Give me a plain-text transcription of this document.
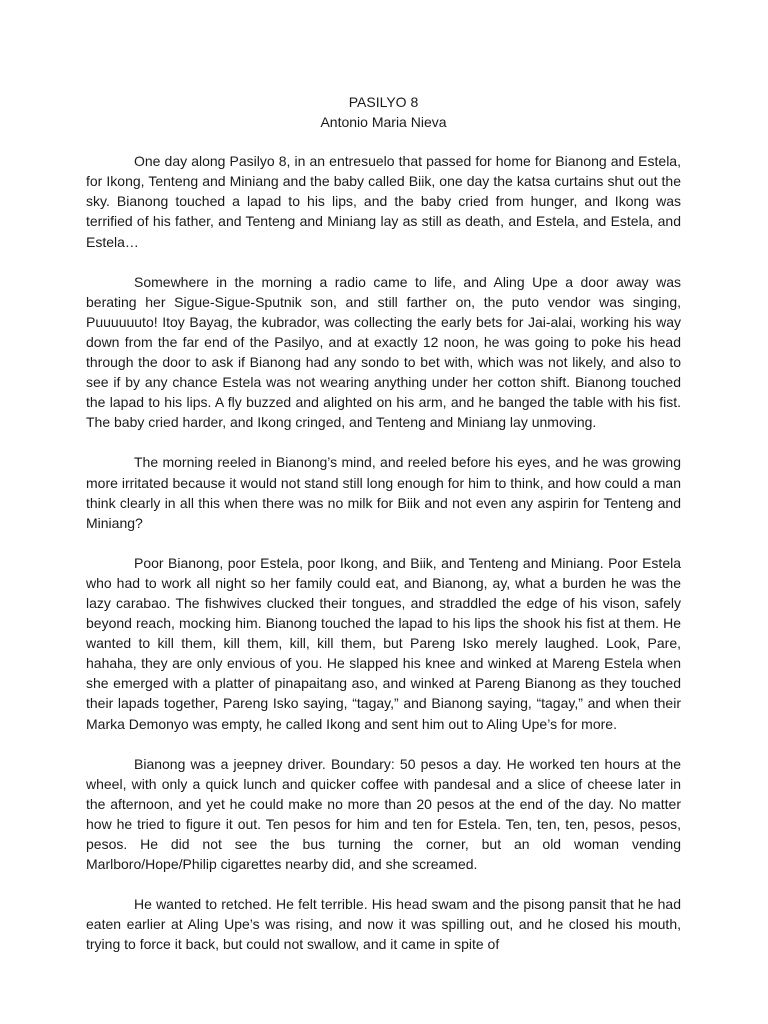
PASILYO 8

Antonio Maria Nieva

One day along Pasilyo 8, in an entresuelo that passed for home for Bianong and Estela, for Ikong, Tenteng and Miniang and the baby called Biik, one day the katsa curtains shut out the sky. Bianong touched a lapad to his lips, and the baby cried from hunger, and Ikong was terrified of his father, and Tenteng and Miniang lay as still as death, and Estela, and Estela, and Estela…

Somewhere in the morning a radio came to life, and Aling Upe a door away was berating her Sigue-Sigue-Sputnik son, and still farther on, the puto vendor was singing, Puuuuuuto! Itoy Bayag, the kubrador, was collecting the early bets for Jai-alai, working his way down from the far end of the Pasilyo, and at exactly 12 noon, he was going to poke his head through the door to ask if Bianong had any sondo to bet with, which was not likely, and also to see if by any chance Estela was not wearing anything under her cotton shift. Bianong touched the lapad to his lips. A fly buzzed and alighted on his arm, and he banged the table with his fist. The baby cried harder, and Ikong cringed, and Tenteng and Miniang lay unmoving.

The morning reeled in Bianong’s mind, and reeled before his eyes, and he was growing more irritated because it would not stand still long enough for him to think, and how could a man think clearly in all this when there was no milk for Biik and not even any aspirin for Tenteng and Miniang?

Poor Bianong, poor Estela, poor Ikong, and Biik, and Tenteng and Miniang. Poor Estela who had to work all night so her family could eat, and Bianong, ay, what a burden he was the lazy carabao. The fishwives clucked their tongues, and straddled the edge of his vison, safely beyond reach, mocking him. Bianong touched the lapad to his lips the shook his fist at them. He wanted to kill them, kill them, kill, kill them, but Pareng Isko merely laughed. Look, Pare, hahaha, they are only envious of you. He slapped his knee and winked at Mareng Estela when she emerged with a platter of pinapaitang aso, and winked at Pareng Bianong as they touched their lapads together, Pareng Isko saying, “tagay,” and Bianong saying, “tagay,” and when their Marka Demonyo was empty, he called Ikong and sent him out to Aling Upe’s for more.

Bianong was a jeepney driver. Boundary: 50 pesos a day. He worked ten hours at the wheel, with only a quick lunch and quicker coffee with pandesal and a slice of cheese later in the afternoon, and yet he could make no more than 20 pesos at the end of the day. No matter how he tried to figure it out. Ten pesos for him and ten for Estela. Ten, ten, ten, pesos, pesos, pesos. He did not see the bus turning the corner, but an old woman vending Marlboro/Hope/Philip cigarettes nearby did, and she screamed.

He wanted to retched. He felt terrible. His head swam and the pisong pansit that he had eaten earlier at Aling Upe’s was rising, and now it was spilling out, and he closed his mouth, trying to force it back, but could not swallow, and it came in spite of
